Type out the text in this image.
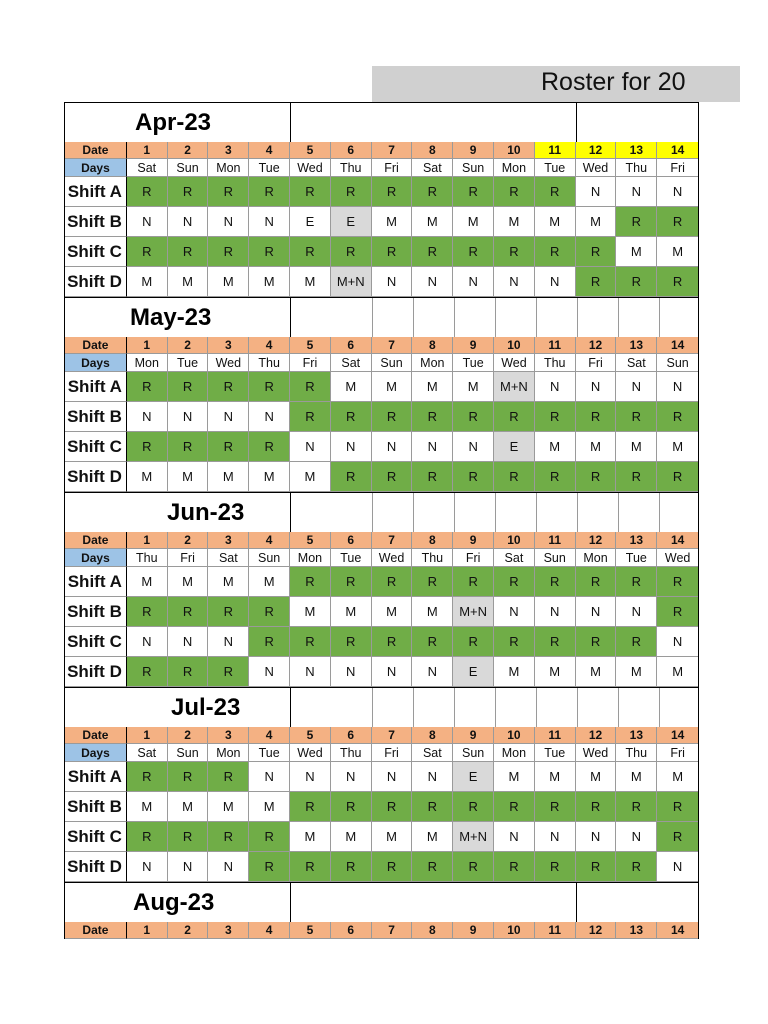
Roster for 20
Apr-23
Date	1	2	3	4	5	6	7	8	9	10	11	12	13	14
Days	Sat	Sun	Mon	Tue	Wed	Thu	Fri	Sat	Sun	Mon	Tue	Wed	Thu	Fri
Shift A	R	R	R	R	R	R	R	R	R	R	R	N	N	N
Shift B	N	N	N	N	E	E	M	M	M	M	M	M	R	R
Shift C	R	R	R	R	R	R	R	R	R	R	R	R	M	M
Shift D	M	M	M	M	M	M+N	N	N	N	N	N	R	R	R
May-23
Date	1	2	3	4	5	6	7	8	9	10	11	12	13	14
Days	Mon	Tue	Wed	Thu	Fri	Sat	Sun	Mon	Tue	Wed	Thu	Fri	Sat	Sun
Shift A	R	R	R	R	R	M	M	M	M	M+N	N	N	N	N
Shift B	N	N	N	N	R	R	R	R	R	R	R	R	R	R
Shift C	R	R	R	R	N	N	N	N	N	E	M	M	M	M
Shift D	M	M	M	M	M	R	R	R	R	R	R	R	R	R
Jun-23
Date	1	2	3	4	5	6	7	8	9	10	11	12	13	14
Days	Thu	Fri	Sat	Sun	Mon	Tue	Wed	Thu	Fri	Sat	Sun	Mon	Tue	Wed
Shift A	M	M	M	M	R	R	R	R	R	R	R	R	R	R
Shift B	R	R	R	R	M	M	M	M	M+N	N	N	N	N	R
Shift C	N	N	N	R	R	R	R	R	R	R	R	R	R	N
Shift D	R	R	R	N	N	N	N	N	E	M	M	M	M	M
Jul-23
Date	1	2	3	4	5	6	7	8	9	10	11	12	13	14
Days	Sat	Sun	Mon	Tue	Wed	Thu	Fri	Sat	Sun	Mon	Tue	Wed	Thu	Fri
Shift A	R	R	R	N	N	N	N	N	E	M	M	M	M	M
Shift B	M	M	M	M	R	R	R	R	R	R	R	R	R	R
Shift C	R	R	R	R	M	M	M	M	M+N	N	N	N	N	R
Shift D	N	N	N	R	R	R	R	R	R	R	R	R	R	N
Aug-23
Date	1	2	3	4	5	6	7	8	9	10	11	12	13	14
